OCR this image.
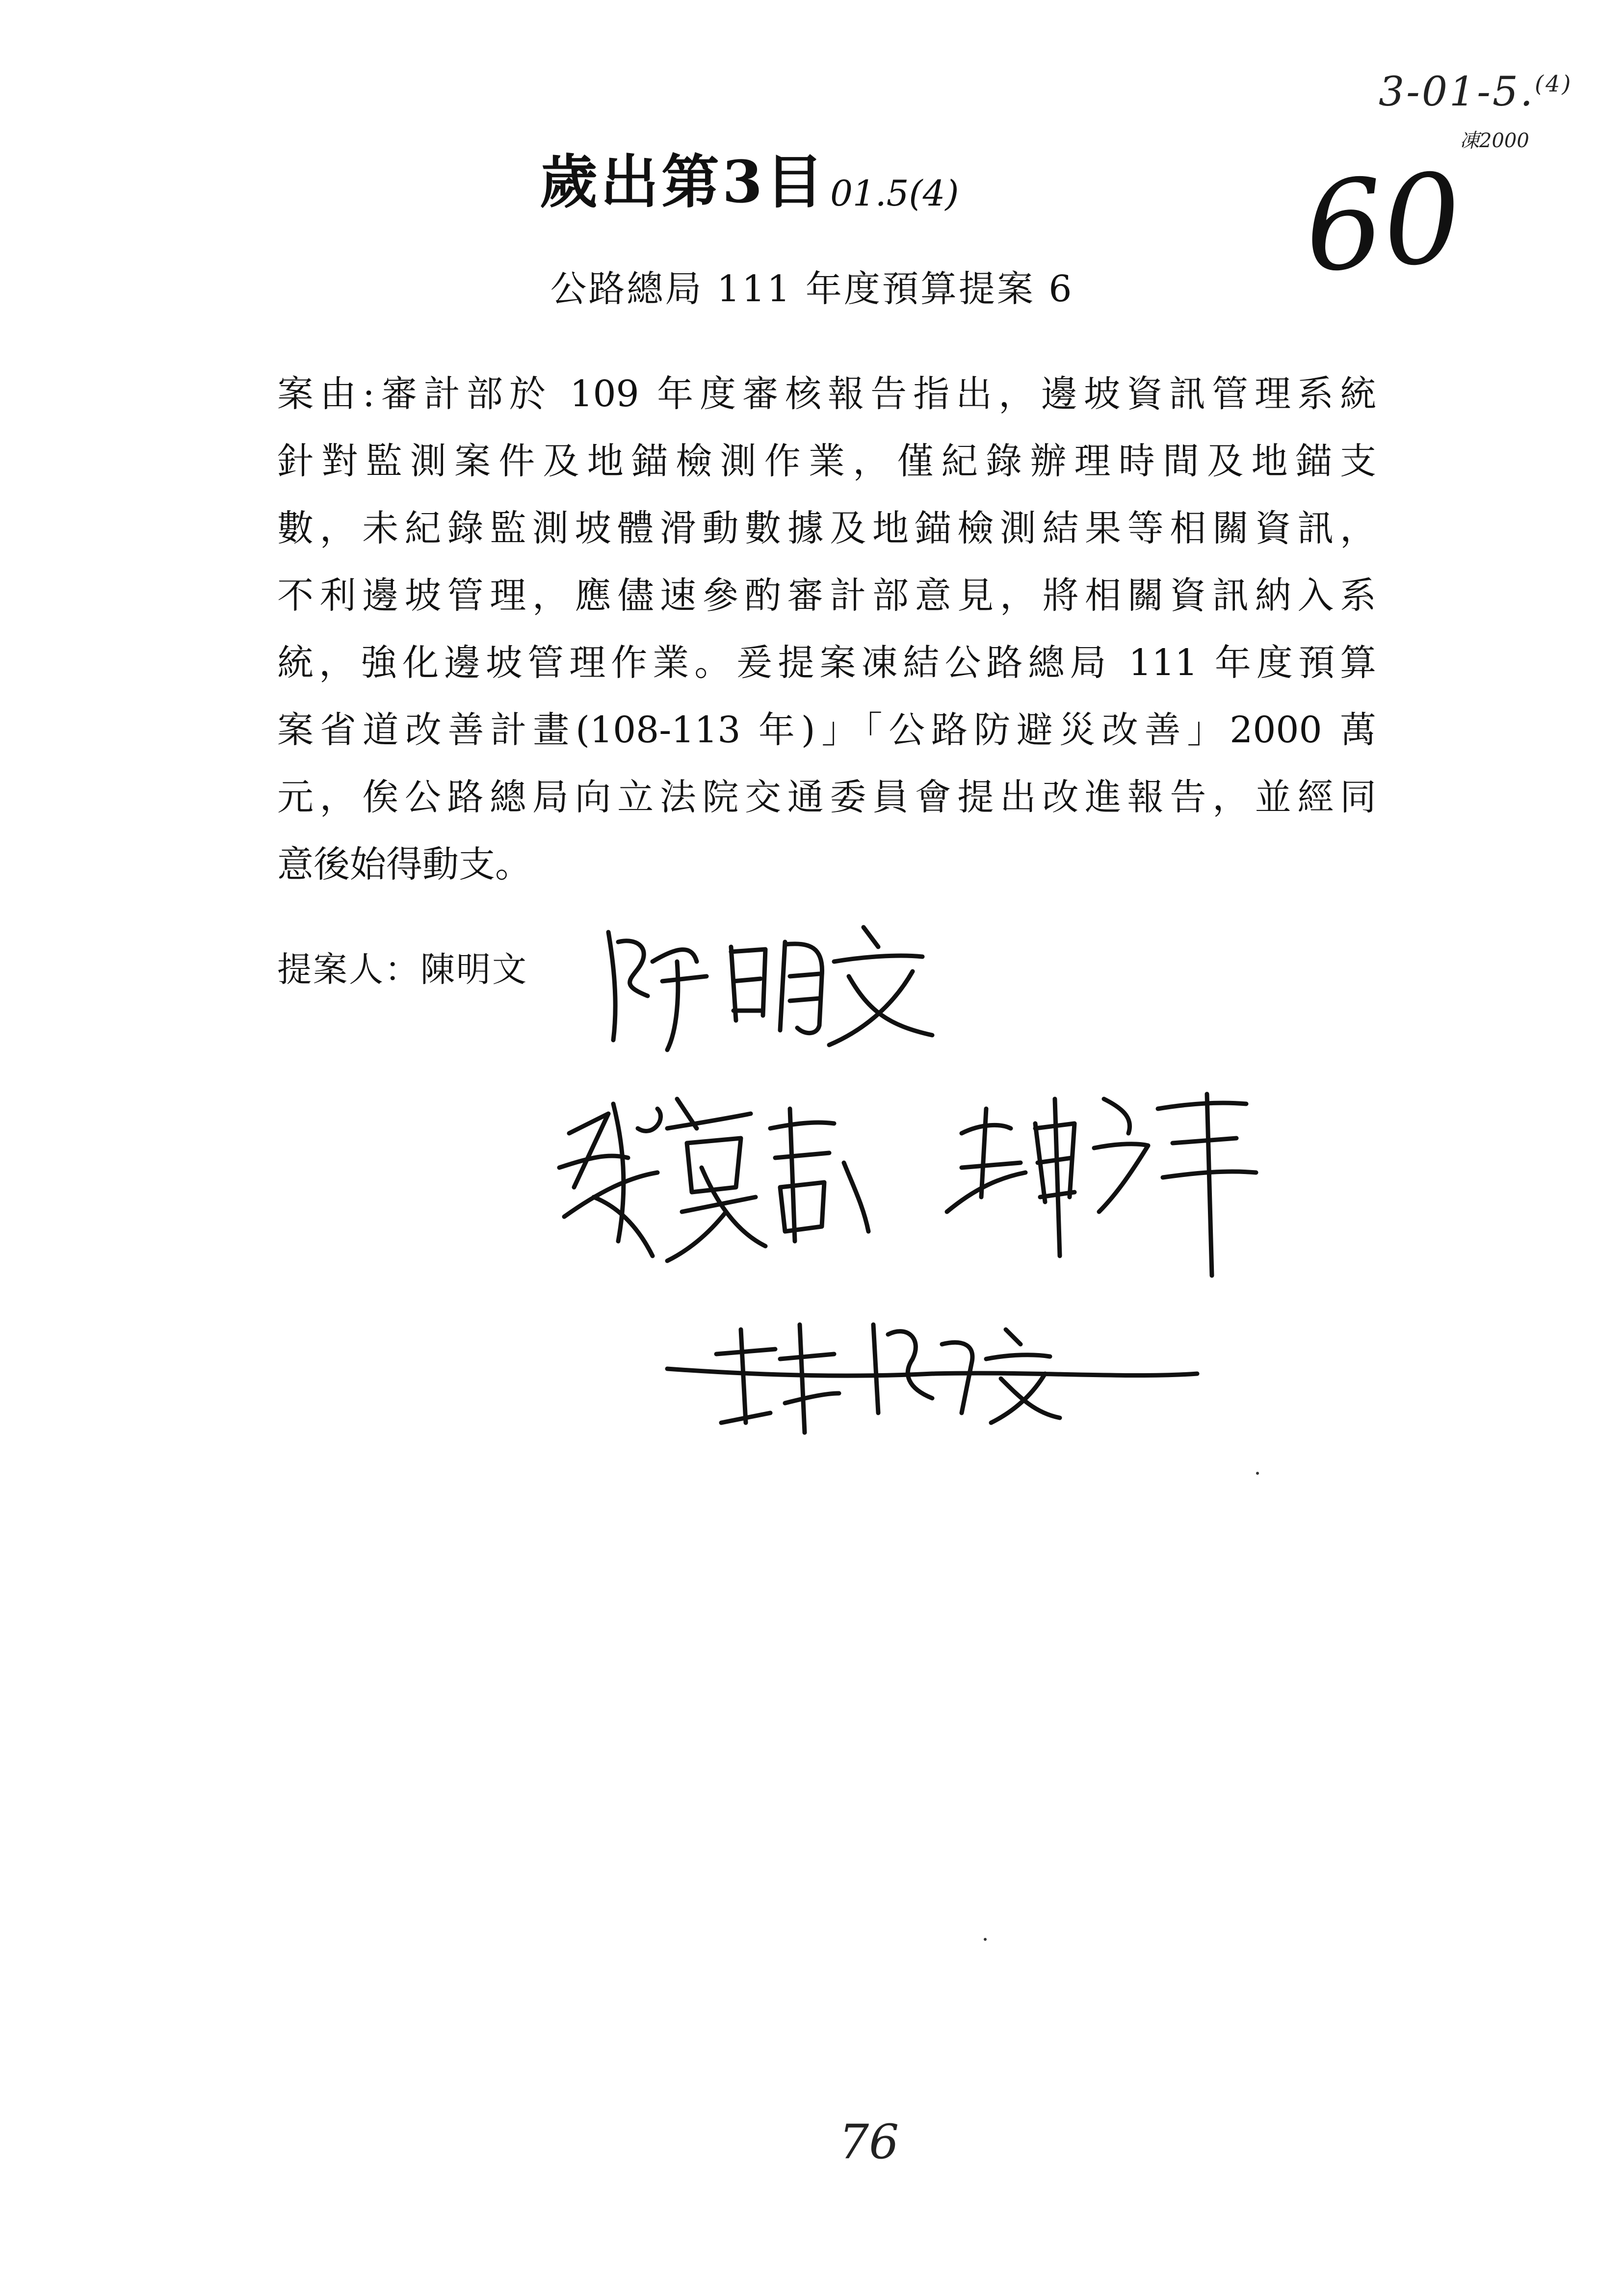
3-01-5.$^{(4)}$
凍2000
60
歲出第3目 01.5(4)
公路總局 111 年度預算提案 6
案由:審計部於 109 年度審核報告指出，邊坡資訊管理系統
針對監測案件及地錨檢測作業，僅紀錄辦理時間及地錨支
數，未紀錄監測坡體滑動數據及地錨檢測結果等相關資訊，
不利邊坡管理，應儘速參酌審計部意見，將相關資訊納入系
統，強化邊坡管理作業。爰提案凍結公路總局 111 年度預算
案省道改善計畫(108-113 年)」「公路防避災改善」2000 萬
元，俟公路總局向立法院交通委員會提出改進報告，並經同
意後始得動支。
提案人：陳明文
76
